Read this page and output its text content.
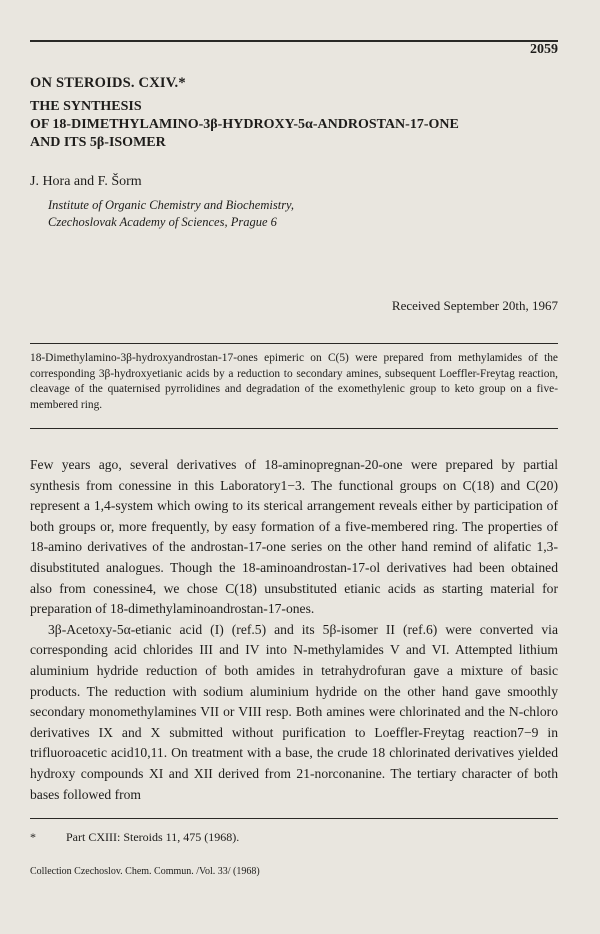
2059
ON STEROIDS. CXIV.*
THE SYNTHESIS
OF 18-DIMETHYLAMINO-3β-HYDROXY-5α-ANDROSTAN-17-ONE
AND ITS 5β-ISOMER
J. Hora and F. Šorm
Institute of Organic Chemistry and Biochemistry,
Czechoslovak Academy of Sciences, Prague 6
Received September 20th, 1967
18-Dimethylamino-3β-hydroxyandrostan-17-ones epimeric on C(5) were prepared from methylamides of the corresponding 3β-hydroxyetianic acids by a reduction to secondary amines, subsequent Loeffler-Freytag reaction, cleavage of the quaternised pyrrolidines and degradation of the exomethylenic group to keto group on a five-membered ring.

Few years ago, several derivatives of 18-aminopregnan-20-one were prepared by partial synthesis from conessine in this Laboratory1−3. The functional groups on C(18) and C(20) represent a 1,4-system which owing to its sterical arrangement reveals either by participation of both groups or, more frequently, by easy formation of a five-membered ring. The properties of 18-amino derivatives of the androstan-17-one series on the other hand remind of alifatic 1,3-disubstituted analogues. Though the 18-aminoandrostan-17-ol derivatives had been obtained also from conessine4, we chose C(18) unsubstituted etianic acids as starting material for preparation of 18-dimethylaminoandrostan-17-ones.

3β-Acetoxy-5α-etianic acid (I) (ref.5) and its 5β-isomer II (ref.6) were converted via corresponding acid chlorides III and IV into N-methylamides V and VI. Attempted lithium aluminium hydride reduction of both amides in tetrahydrofuran gave a mixture of basic products. The reduction with sodium aluminium hydride on the other hand gave smoothly secondary monomethylamines VII or VIII resp. Both amines were chlorinated and the N-chloro derivatives IX and X submitted without purification to Loeffler-Freytag reaction7−9 in trifluoroacetic acid10,11. On treatment with a base, the crude 18 chlorinated derivatives yielded hydroxy compounds XI and XII derived from 21-norconanine. The tertiary character of both bases followed from

*	Part CXIII: Steroids 11, 475 (1968).
Collection Czechoslov. Chem. Commun. /Vol. 33/ (1968)
